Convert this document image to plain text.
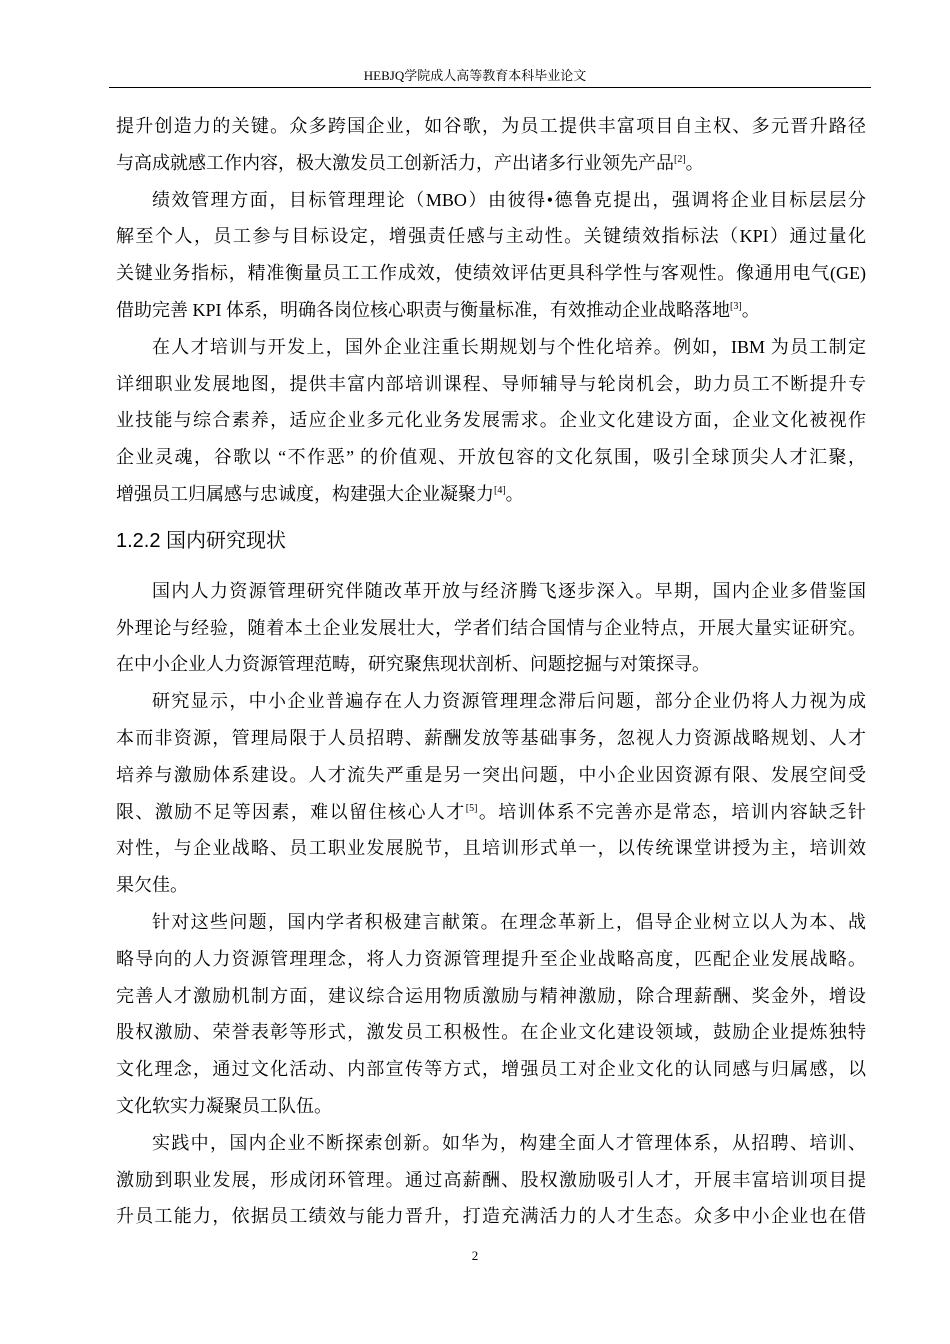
HEBJQ学院成人高等教育本科毕业论文
提升创造力的关键。众多跨国企业，如谷歌，为员工提供丰富项目自主权、多元晋升路径
与高成就感工作内容，极大激发员工创新活力，产出诸多行业领先产品[2]。
绩效管理方面，目标管理理论（MBO）由彼得•德鲁克提出，强调将企业目标层层分
解至个人，员工参与目标设定，增强责任感与主动性。关键绩效指标法（KPI）通过量化
关键业务指标，精准衡量员工工作成效，使绩效评估更具科学性与客观性。像通用电气(GE)
借助完善 KPI 体系，明确各岗位核心职责与衡量标准，有效推动企业战略落地[3]。
在人才培训与开发上，国外企业注重长期规划与个性化培养。例如，IBM 为员工制定
详细职业发展地图，提供丰富内部培训课程、导师辅导与轮岗机会，助力员工不断提升专
业技能与综合素养，适应企业多元化业务发展需求。企业文化建设方面，企业文化被视作
企业灵魂，谷歌以 “不作恶” 的价值观、开放包容的文化氛围，吸引全球顶尖人才汇聚，
增强员工归属感与忠诚度，构建强大企业凝聚力[4]。
1.2.2 国内研究现状
国内人力资源管理研究伴随改革开放与经济腾飞逐步深入。早期，国内企业多借鉴国
外理论与经验，随着本土企业发展壮大，学者们结合国情与企业特点，开展大量实证研究。
在中小企业人力资源管理范畴，研究聚焦现状剖析、问题挖掘与对策探寻。
研究显示，中小企业普遍存在人力资源管理理念滞后问题，部分企业仍将人力视为成
本而非资源，管理局限于人员招聘、薪酬发放等基础事务，忽视人力资源战略规划、人才
培养与激励体系建设。人才流失严重是另一突出问题，中小企业因资源有限、发展空间受
限、激励不足等因素，难以留住核心人才[5]。培训体系不完善亦是常态，培训内容缺乏针
对性，与企业战略、员工职业发展脱节，且培训形式单一，以传统课堂讲授为主，培训效
果欠佳。
针对这些问题，国内学者积极建言献策。在理念革新上，倡导企业树立以人为本、战
略导向的人力资源管理理念，将人力资源管理提升至企业战略高度，匹配企业发展战略。
完善人才激励机制方面，建议综合运用物质激励与精神激励，除合理薪酬、奖金外，增设
股权激励、荣誉表彰等形式，激发员工积极性。在企业文化建设领域，鼓励企业提炼独特
文化理念，通过文化活动、内部宣传等方式，增强员工对企业文化的认同感与归属感，以
文化软实力凝聚员工队伍。
实践中，国内企业不断探索创新。如华为，构建全面人才管理体系，从招聘、培训、
激励到职业发展，形成闭环管理。通过高薪酬、股权激励吸引人才，开展丰富培训项目提
升员工能力，依据员工绩效与能力晋升，打造充满活力的人才生态。众多中小企业也在借
2
